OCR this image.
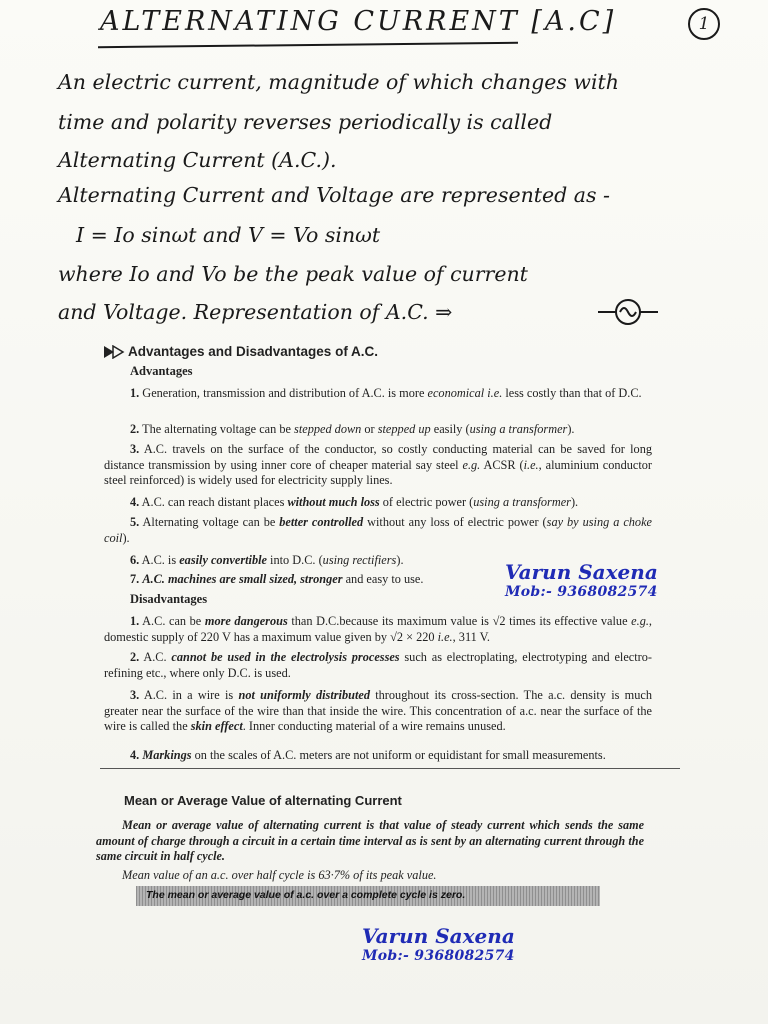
ALTERNATING CURRENT [A.C]	1
An electric current, magnitude of which changes with
time and polarity reverses periodically is called
Alternating Current (A.C.).
Alternating Current and Voltage are represented as -
I = Io sinωt and V = Vo sinωt
where Io and Vo be the peak value of current
and Voltage. Representation of A.C. ⇒
Advantages and Disadvantages of A.C.
Advantages
1. Generation, transmission and distribution of A.C. is more economical i.e. less costly than that of D.C.
2. The alternating voltage can be stepped down or stepped up easily (using a transformer).
3. A.C. travels on the surface of the conductor, so costly conducting material can be saved for long distance transmission by using inner core of cheaper material say steel e.g. ACSR (i.e., aluminium conductor steel reinforced) is widely used for electricity supply lines.
4. A.C. can reach distant places without much loss of electric power (using a transformer).
5. Alternating voltage can be better controlled without any loss of electric power (say by using a choke coil).
6. A.C. is easily convertible into D.C. (using rectifiers).
7. A.C. machines are small sized, stronger and easy to use.
Disadvantages
1. A.C. can be more dangerous than D.C.because its maximum value is √2 times its effective value e.g., domestic supply of 220 V has a maximum value given by √2 × 220 i.e., 311 V.
2. A.C. cannot be used in the electrolysis processes such as electroplating, electrotyping and electro-refining etc., where only D.C. is used.
3. A.C. in a wire is not uniformly distributed throughout its cross-section. The a.c. density is much greater near the surface of the wire than that inside the wire. This concentration of a.c. near the surface of the wire is called the skin effect. Inner conducting material of a wire remains unused.
4. Markings on the scales of A.C. meters are not uniform or equidistant for small measurements.
Varun Saxena
Mob:- 9368082574
Mean or Average Value of alternating Current
Mean or average value of alternating current is that value of steady current which sends the same amount of charge through a circuit in a certain time interval as is sent by an alternating current through the same circuit in half cycle.
Mean value of an a.c. over half cycle is 63·7% of its peak value.
The mean or average value of a.c. over a complete cycle is zero.
Varun Saxena
Mob:- 9368082574
